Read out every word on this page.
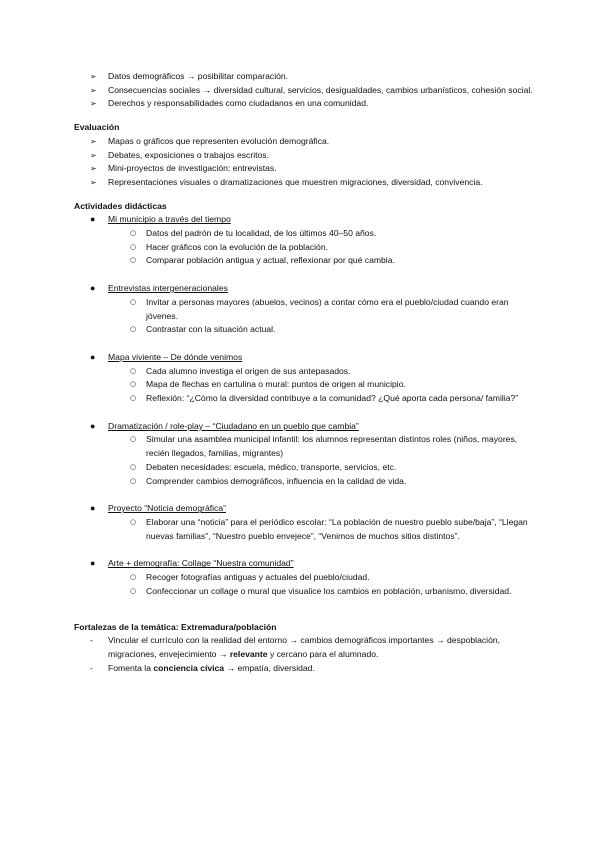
➢	Datos demográficos → posibilitar comparación.
➢	Consecuencias sociales → diversidad cultural, servicios, desigualdades, cambios urbanísticos, cohesión social.
➢	Derechos y responsabilidades como ciudadanos en una comunidad.
Evaluación
➢	Mapas o gráficos que representen evolución demográfica.
➢	Debates, exposiciones o trabajos escritos.
➢	Mini-proyectos de investigación: entrevistas.
➢	Representaciones visuales o dramatizaciones que muestren migraciones, diversidad, convivencia.
Actividades didácticas
●	Mi municipio a través del tiempo
○	Datos del padrón de tu localidad, de los últimos 40–50 años.
○	Hacer gráficos con la evolución de la población.
○	Comparar población antigua y actual, reflexionar por qué cambia.
●	Entrevistas intergeneracionales
○	Invitar a personas mayores (abuelos, vecinos) a contar cómo era el pueblo/ciudad cuando eran jóvenes.
○	Contrastar con la situación actual.
●	Mapa viviente – De dónde venimos
○	Cada alumno investiga el origen de sus antepasados.
○	Mapa de flechas en cartulina o mural: puntos de origen al municipio.
○	Reflexión: “¿Cómo la diversidad contribuye a la comunidad? ¿Qué aporta cada persona/ familia?”
●	Dramatización / role-play – “Ciudadano en un pueblo que cambia”
○	Simular una asamblea municipal infantil: los alumnos representan distintos roles (niños, mayores, recién llegados, familias, migrantes)
○	Debaten necesidades: escuela, médico, transporte, servicios, etc.
○	Comprender cambios demográficos, influencia en la calidad de vida.
●	Proyecto “Noticia demográfica”
○	Elaborar una “noticia” para el periódico escolar: “La población de nuestro pueblo sube/baja”, “Llegan nuevas familias”, “Nuestro pueblo envejece”, “Venimos de muchos sitios distintos”.
●	Arte + demografía: Collage “Nuestra comunidad”
○	Recoger fotografías antiguas y actuales del pueblo/ciudad.
○	Confeccionar un collage o mural que visualice los cambios en población, urbanismo, diversidad.
Fortalezas de la temática: Extremadura/población
-	Vincular el currículo con la realidad del entorno → cambios demográficos importantes → despoblación, migraciones, envejecimiento → relevante y cercano para el alumnado.
-	Fomenta la conciencia cívica → empatía, diversidad.
